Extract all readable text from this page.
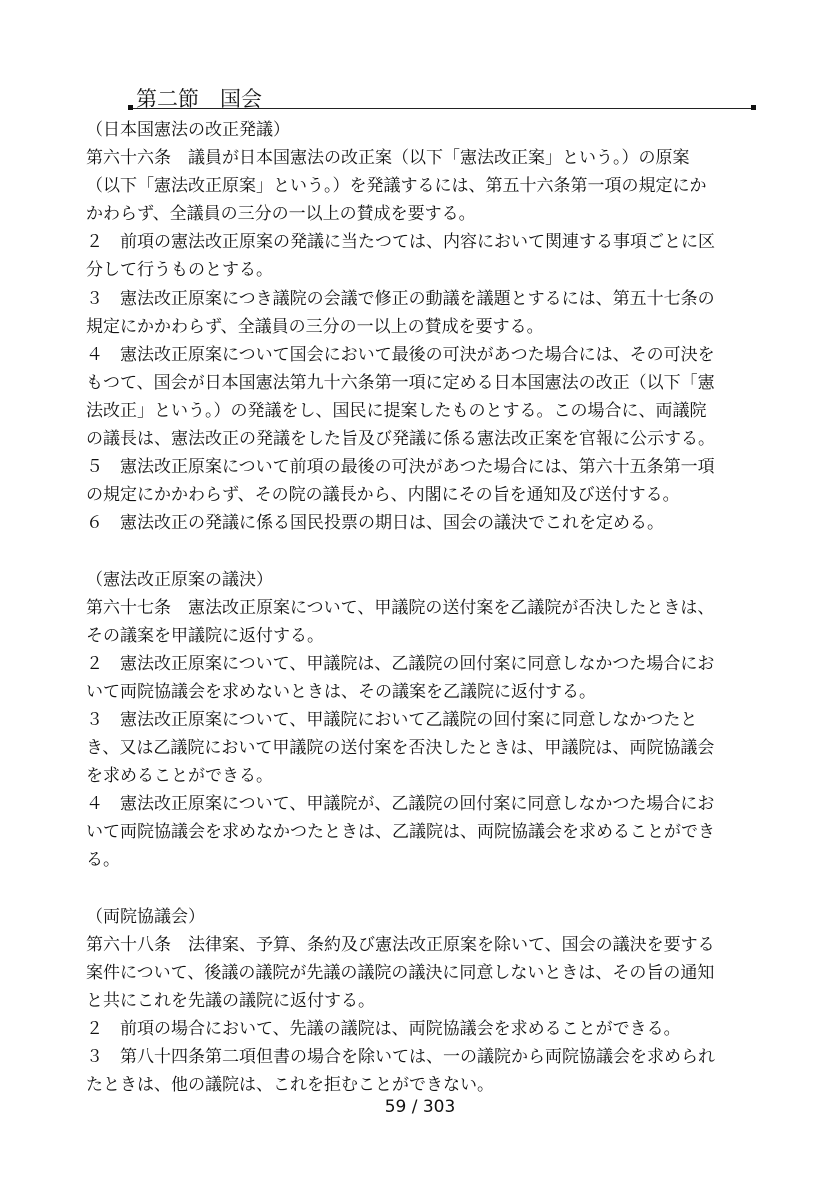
第二節　国会
（日本国憲法の改正発議）
第六十六条　議員が日本国憲法の改正案（以下「憲法改正案」という。）の原案
（以下「憲法改正原案」という。）を発議するには、第五十六条第一項の規定にか
かわらず、全議員の三分の一以上の賛成を要する。
２　前項の憲法改正原案の発議に当たつては、内容において関連する事項ごとに区
分して行うものとする。
３　憲法改正原案につき議院の会議で修正の動議を議題とするには、第五十七条の
規定にかかわらず、全議員の三分の一以上の賛成を要する。
４　憲法改正原案について国会において最後の可決があつた場合には、その可決を
もつて、国会が日本国憲法第九十六条第一項に定める日本国憲法の改正（以下「憲
法改正」という。）の発議をし、国民に提案したものとする。この場合に、両議院
の議長は、憲法改正の発議をした旨及び発議に係る憲法改正案を官報に公示する。
５　憲法改正原案について前項の最後の可決があつた場合には、第六十五条第一項
の規定にかかわらず、その院の議長から、内閣にその旨を通知及び送付する。
６　憲法改正の発議に係る国民投票の期日は、国会の議決でこれを定める。
（憲法改正原案の議決）
第六十七条　憲法改正原案について、甲議院の送付案を乙議院が否決したときは、
その議案を甲議院に返付する。
２　憲法改正原案について、甲議院は、乙議院の回付案に同意しなかつた場合にお
いて両院協議会を求めないときは、その議案を乙議院に返付する。
３　憲法改正原案について、甲議院において乙議院の回付案に同意しなかつたと
き、又は乙議院において甲議院の送付案を否決したときは、甲議院は、両院協議会
を求めることができる。
４　憲法改正原案について、甲議院が、乙議院の回付案に同意しなかつた場合にお
いて両院協議会を求めなかつたときは、乙議院は、両院協議会を求めることができ
る。
（両院協議会）
第六十八条　法律案、予算、条約及び憲法改正原案を除いて、国会の議決を要する
案件について、後議の議院が先議の議院の議決に同意しないときは、その旨の通知
と共にこれを先議の議院に返付する。
２　前項の場合において、先議の議院は、両院協議会を求めることができる。
３　第八十四条第二項但書の場合を除いては、一の議院から両院協議会を求められ
たときは、他の議院は、これを拒むことができない。
59 / 303
